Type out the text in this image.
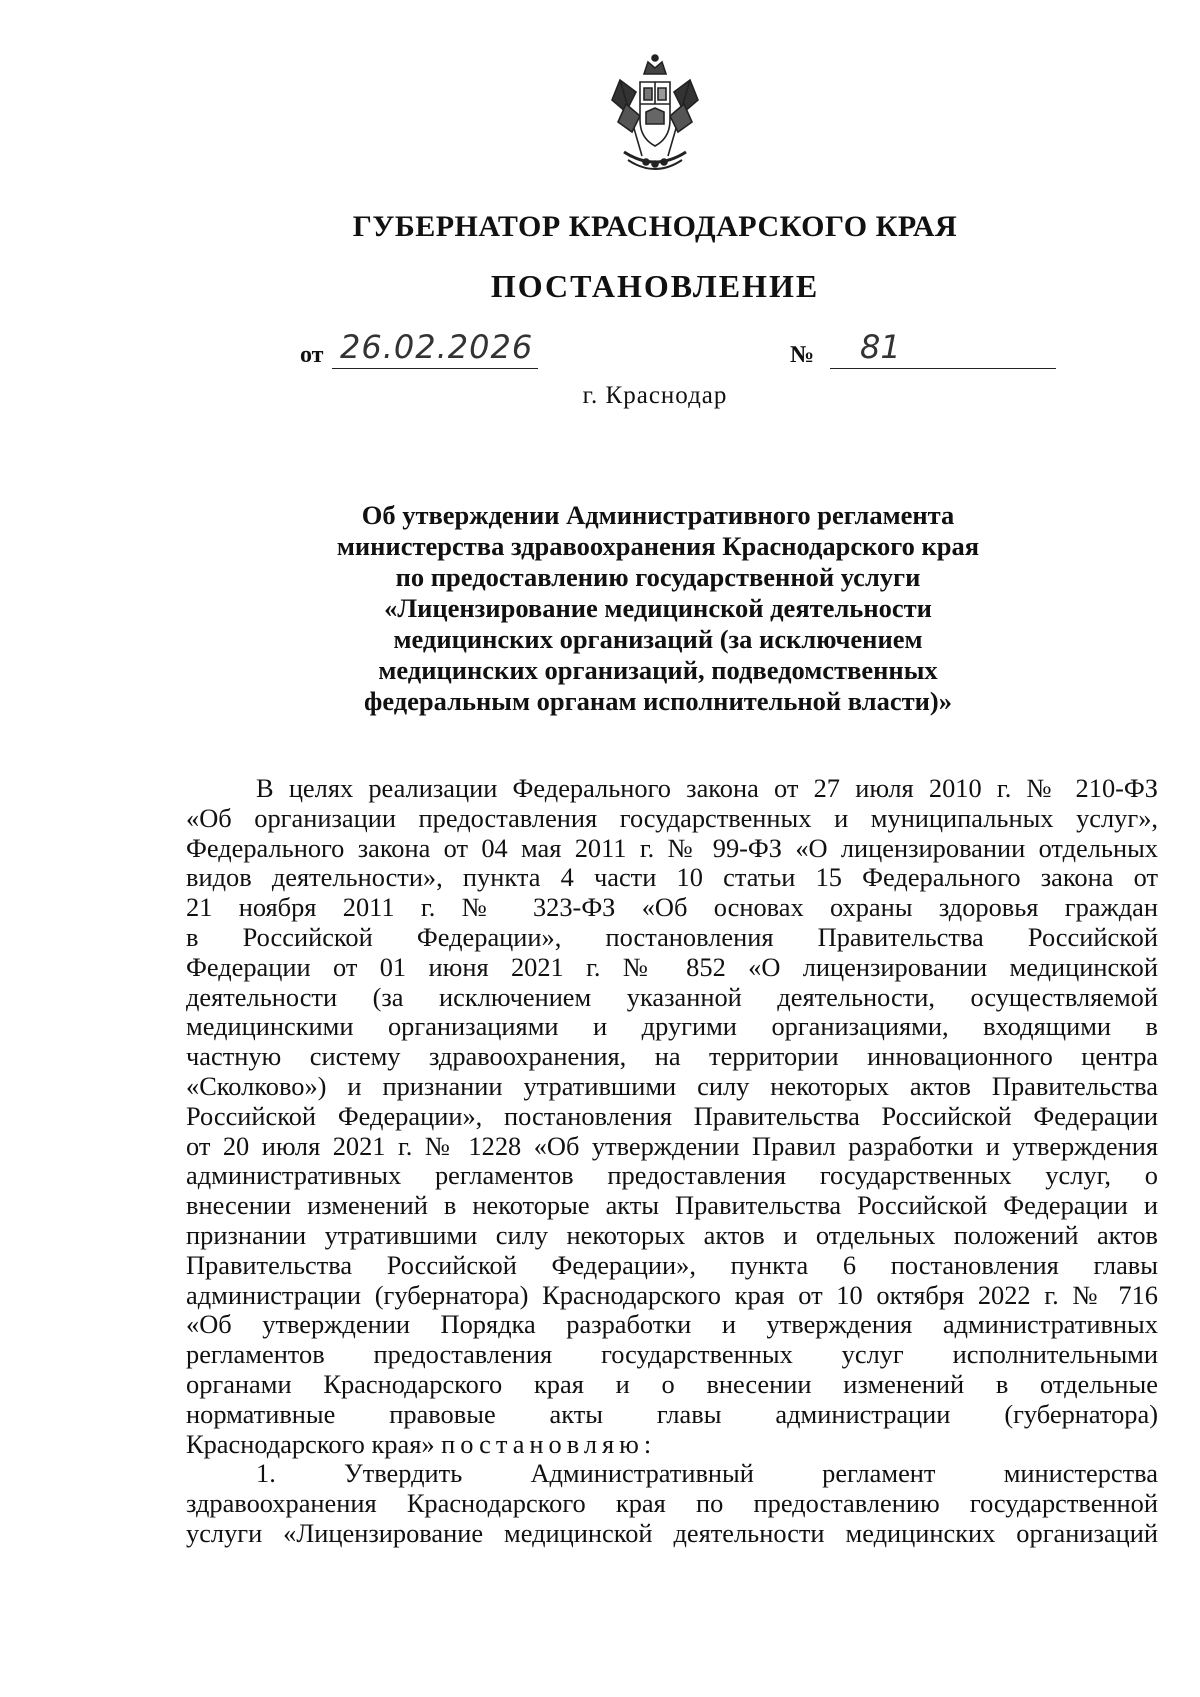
ГУБЕРНАТОР КРАСНОДАРСКОГО КРАЯ
ПОСТАНОВЛЕНИЕ
от 26.02.2026	№ 81
г. Краснодар
Об утверждении Административного регламента
министерства здравоохранения Краснодарского края
по предоставлению государственной услуги
«Лицензирование медицинской деятельности
медицинских организаций (за исключением
медицинских организаций, подведомственных
федеральным органам исполнительной власти)»
В целях реализации Федерального закона от 27 июля 2010 г. № 210-ФЗ
«Об организации предоставления государственных и муниципальных услуг»,
Федерального закона от 04 мая 2011 г. № 99-ФЗ «О лицензировании отдельных
видов деятельности», пункта 4 части 10 статьи 15 Федерального закона от
21 ноября 2011 г. № 323-ФЗ «Об основах охраны здоровья граждан
в Российской Федерации», постановления Правительства Российской
Федерации от 01 июня 2021 г. № 852 «О лицензировании медицинской
деятельности (за исключением указанной деятельности, осуществляемой
медицинскими организациями и другими организациями, входящими в
частную систему здравоохранения, на территории инновационного центра
«Сколково») и признании утратившими силу некоторых актов Правительства
Российской Федерации», постановления Правительства Российской Федерации
от 20 июля 2021 г. № 1228 «Об утверждении Правил разработки и утверждения
административных регламентов предоставления государственных услуг, о
внесении изменений в некоторые акты Правительства Российской Федерации и
признании утратившими силу некоторых актов и отдельных положений актов
Правительства Российской Федерации», пункта 6 постановления главы
администрации (губернатора) Краснодарского края от 10 октября 2022 г. № 716
«Об утверждении Порядка разработки и утверждения административных
регламентов предоставления государственных услуг исполнительными
органами Краснодарского края и о внесении изменений в отдельные
нормативные правовые акты главы администрации (губернатора)
Краснодарского края» постановляю:
1. Утвердить Административный регламент министерства
здравоохранения Краснодарского края по предоставлению государственной
услуги «Лицензирование медицинской деятельности медицинских организаций
